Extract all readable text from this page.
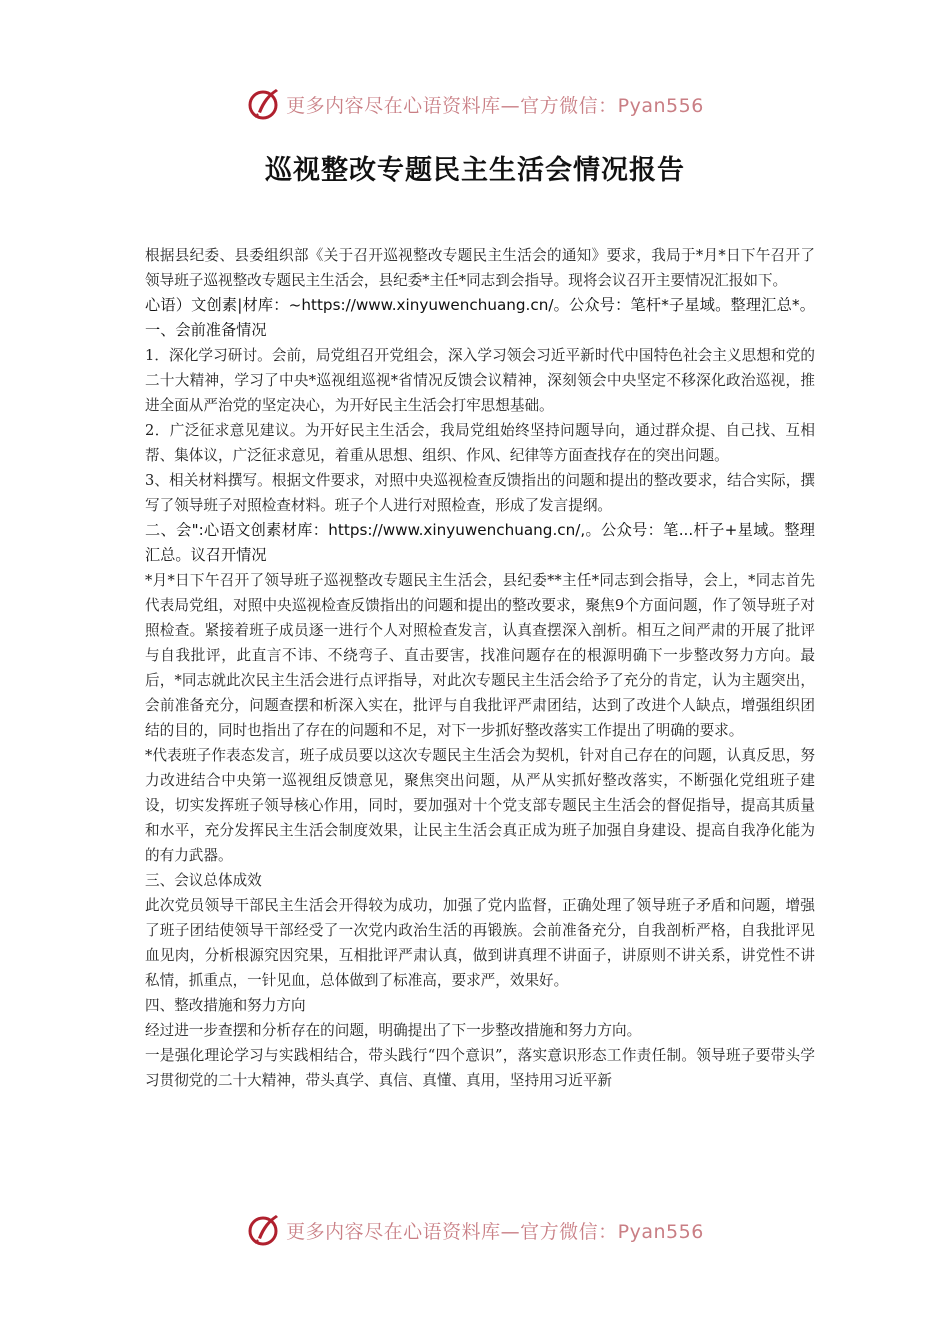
更多内容尽在心语资料库—官方微信：Pyan556
巡视整改专题民主生活会情况报告

根据县纪委、县委组织部《关于召开巡视整改专题民主生活会的通知》要求，我局于*月*日下午召开了领导班子巡视整改专题民主生活会，县纪委*主任*同志到会指导。现将会议召开主要情况汇报如下。

心语）文创素|材库：~https://www.xinyuwenchuang.cn/。公众号：笔杆*子星域。整理汇总*。一、会前准备情况

1．深化学习研讨。会前，局党组召开党组会，深入学习领会习近平新时代中国特色社会主义思想和党的二十大精神，学习了中央*巡视组巡视*省情况反馈会议精神，深刻领会中央坚定不移深化政治巡视，推进全面从严治党的坚定决心，为开好民主生活会打牢思想基础。

2．广泛征求意见建议。为开好民主生活会，我局党组始终坚持问题导向，通过群众提、自己找、互相帮、集体议，广泛征求意见，着重从思想、组织、作风、纪律等方面查找存在的突出问题。

3、相关材料撰写。根据文件要求，对照中央巡视检查反馈指出的问题和提出的整改要求，结合实际，撰写了领导班子对照检查材料。班子个人进行对照检查，形成了发言提纲。

二、会":心语文创素材库：https://www.xinyuwenchuang.cn/,。公众号：笔...杆子+星域。整理汇总。议召开情况

*月*日下午召开了领导班子巡视整改专题民主生活会，县纪委**主任*同志到会指导，会上，*同志首先代表局党组，对照中央巡视检查反馈指出的问题和提出的整改要求，聚焦9个方面问题，作了领导班子对照检查。紧接着班子成员逐一进行个人对照检查发言，认真查摆深入剖析。相互之间严肃的开展了批评与自我批评，此直言不讳、不绕弯子、直击要害，找准问题存在的根源明确下一步整改努力方向。最后，*同志就此次民主生活会进行点评指导，对此次专题民主生活会给予了充分的肯定，认为主题突出，会前准备充分，问题查摆和析深入实在，批评与自我批评严肃团结，达到了改进个人缺点，增强组织团结的目的，同时也指出了存在的问题和不足，对下一步抓好整改落实工作提出了明确的要求。

*代表班子作表态发言，班子成员要以这次专题民主生活会为契机，针对自己存在的问题，认真反思，努力改进结合中央第一巡视组反馈意见，聚焦突出问题，从严从实抓好整改落实，不断强化党组班子建设，切实发挥班子领导核心作用，同时，要加强对十个党支部专题民主生活会的督促指导，提高其质量和水平，充分发挥民主生活会制度效果，让民主生活会真正成为班子加强自身建设、提高自我净化能为的有力武器。

三、会议总体成效

此次党员领导干部民主生活会开得较为成功，加强了党内监督，正确处理了领导班子矛盾和问题，增强了班子团结使领导干部经受了一次党内政治生活的再锻族。会前准备充分，自我剖析严格，自我批评见血见肉，分析根源究因究果，互相批评严肃认真，做到讲真理不讲面子，讲原则不讲关系，讲党性不讲私情，抓重点，一针见血，总体做到了标准高，要求严，效果好。

四、整改措施和努力方向

经过进一步查摆和分析存在的问题，明确提出了下一步整改措施和努力方向。

一是强化理论学习与实践相结合，带头践行“四个意识”，落实意识形态工作责任制。领导班子要带头学习贯彻党的二十大精神，带头真学、真信、真懂、真用，坚持用习近平新

更多内容尽在心语资料库—官方微信：Pyan556
